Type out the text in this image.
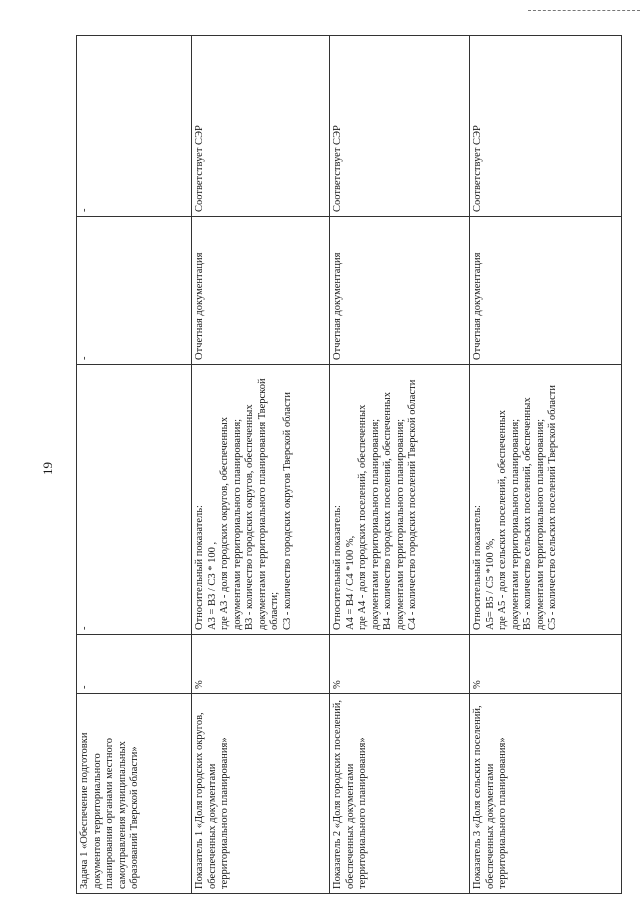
19
Задача 1 «Обеспечение подготовки документов территориального планирования органами местного самоуправления муниципальных образований Тверской области»	-	-	-	-
Показатель 1 «Доля городских округов, обеспеченных документами территориального планирования»	%	Относительный показатель: А3 = В3 / С3 * 100 , где А3 - доля городских округов, обеспеченных документами территориального планирования; В3 - количество городских округов, обеспеченных документами территориального планирования Тверской области; С3 - количество городских округов Тверской области	Отчетная документация	Соответствует СЭР
Показатель 2 «Доля городских поселений, обеспеченных документами территориального планирования»	%	Относительный показатель: А4 = В4 / С4 *100 %, где А4 - доля городских поселений, обеспеченных документами территориального планирования; В4 - количество городских поселений, обеспеченных документами территориального планирования; С4 - количество городских поселений Тверской области	Отчетная документация	Соответствует СЭР
Показатель 3 «Доля сельских поселений, обеспеченных документами территориального планирования»	%	Относительный показатель: А5= В5 / С5 *100 %, где А5 - доля сельских поселений, обеспеченных документами территориального планирования; В5 - количество сельских поселений, обеспеченных документами территориального планирования; С5 - количество сельских поселений Тверской области	Отчетная документация	Соответствует СЭР
